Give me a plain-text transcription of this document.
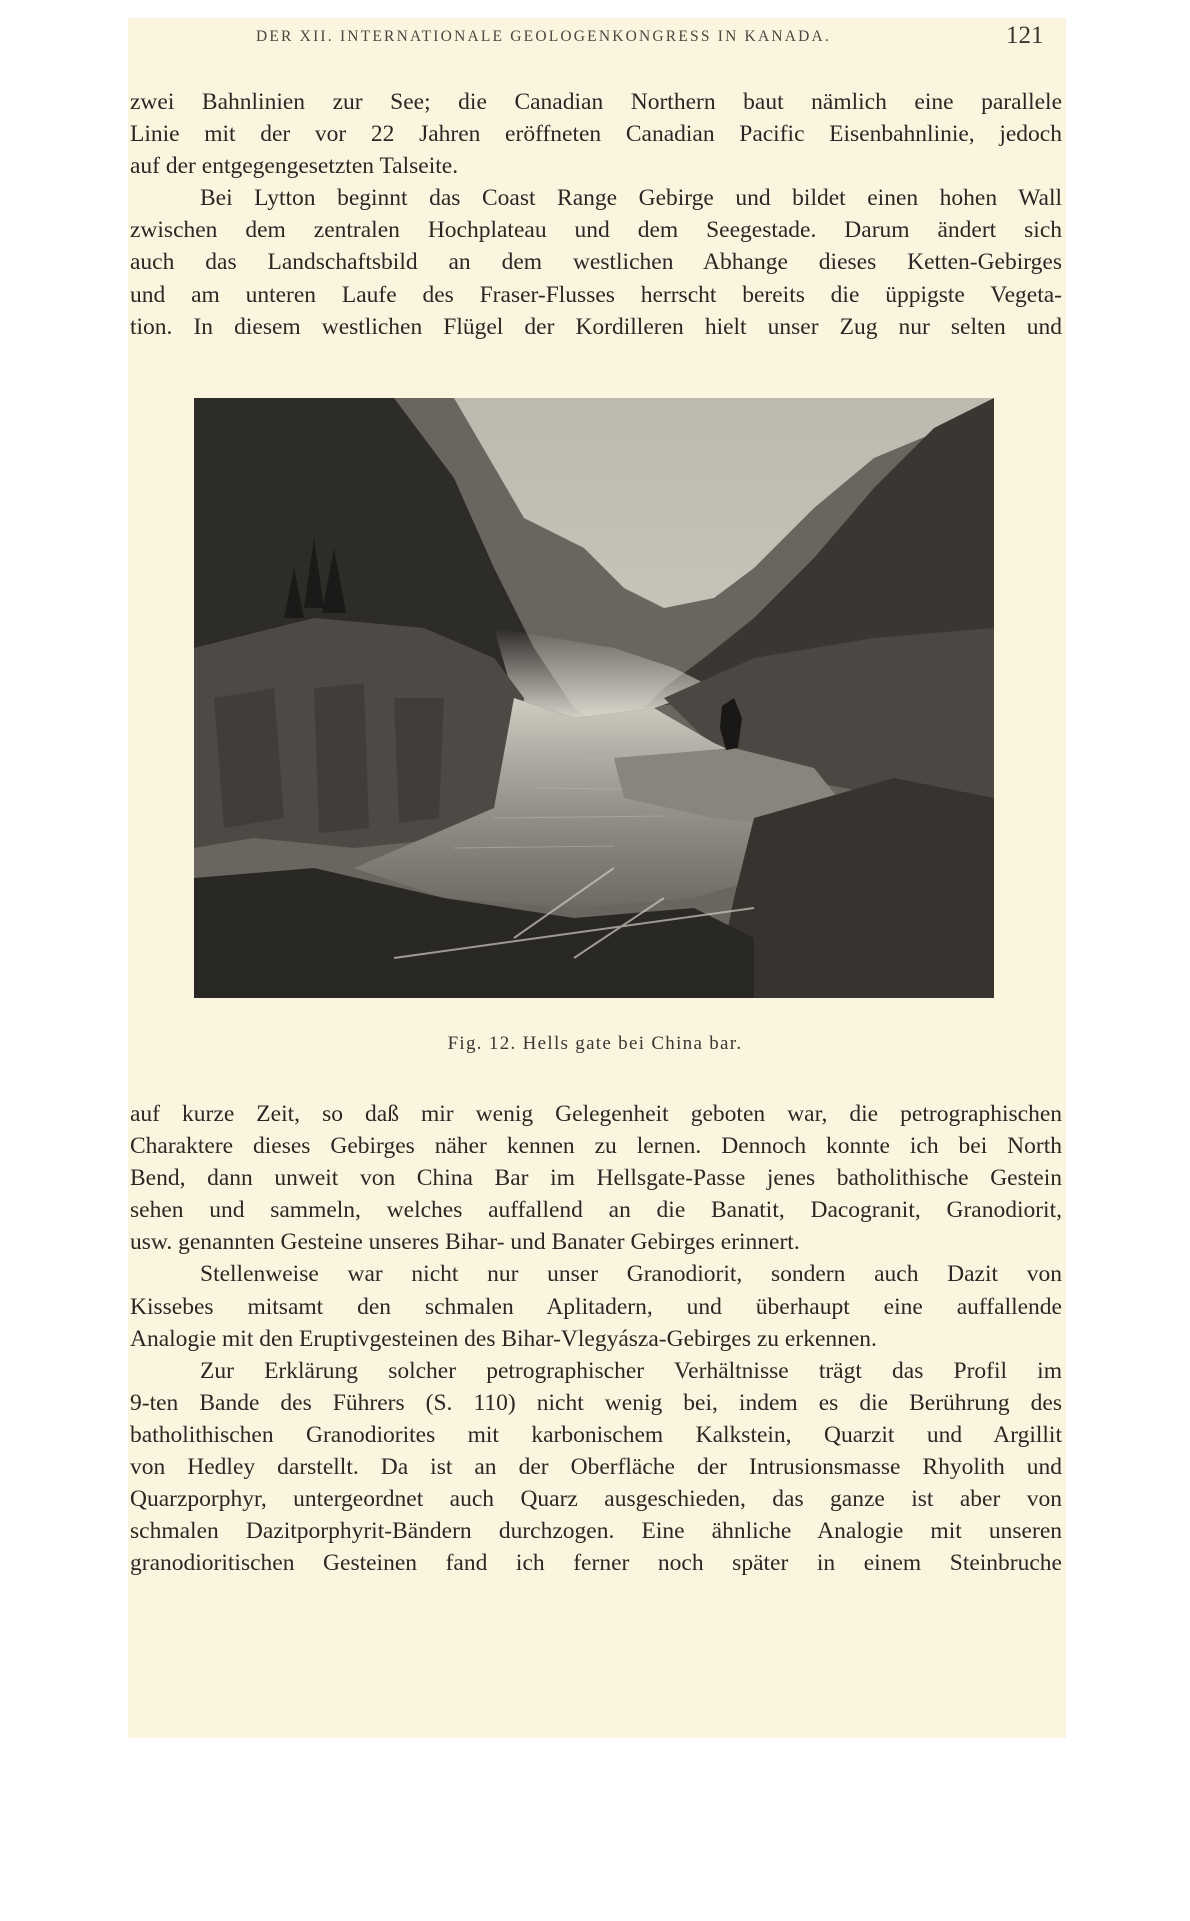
DER XII. INTERNATIONALE GEOLOGENKONGRESS IN KANADA.	121
zwei Bahnlinien zur See; die Canadian Northern baut nämlich eine parallele
Linie mit der vor 22 Jahren eröffneten Canadian Pacific Eisenbahnlinie, jedoch
auf der entgegengesetzten Talseite.
Bei Lytton beginnt das Coast Range Gebirge und bildet einen hohen Wall
zwischen dem zentralen Hochplateau und dem Seegestade. Darum ändert sich
auch das Landschaftsbild an dem westlichen Abhange dieses Ketten-Gebirges
und am unteren Laufe des Fraser-Flusses herrscht bereits die üppigste Vegeta-
tion. In diesem westlichen Flügel der Kordilleren hielt unser Zug nur selten und
Fig. 12. Hells gate bei China bar.
auf kurze Zeit, so daß mir wenig Gelegenheit geboten war, die petrographischen
Charaktere dieses Gebirges näher kennen zu lernen. Dennoch konnte ich bei North
Bend, dann unweit von China Bar im Hellsgate-Passe jenes batholithische Gestein
sehen und sammeln, welches auffallend an die Banatit, Dacogranit, Granodiorit,
usw. genannten Gesteine unseres Bihar- und Banater Gebirges erinnert.
Stellenweise war nicht nur unser Granodiorit, sondern auch Dazit von
Kissebes mitsamt den schmalen Aplitadern, und überhaupt eine auffallende
Analogie mit den Eruptivgesteinen des Bihar-Vlegyásza-Gebirges zu erkennen.
Zur Erklärung solcher petrographischer Verhältnisse trägt das Profil im
9-ten Bande des Führers (S. 110) nicht wenig bei, indem es die Berührung des
batholithischen Granodiorites mit karbonischem Kalkstein, Quarzit und Argillit
von Hedley darstellt. Da ist an der Oberfläche der Intrusionsmasse Rhyolith und
Quarzporphyr, untergeordnet auch Quarz ausgeschieden, das ganze ist aber von
schmalen Dazitporphyrit-Bändern durchzogen. Eine ähnliche Analogie mit unseren
granodioritischen Gesteinen fand ich ferner noch später in einem Steinbruche
